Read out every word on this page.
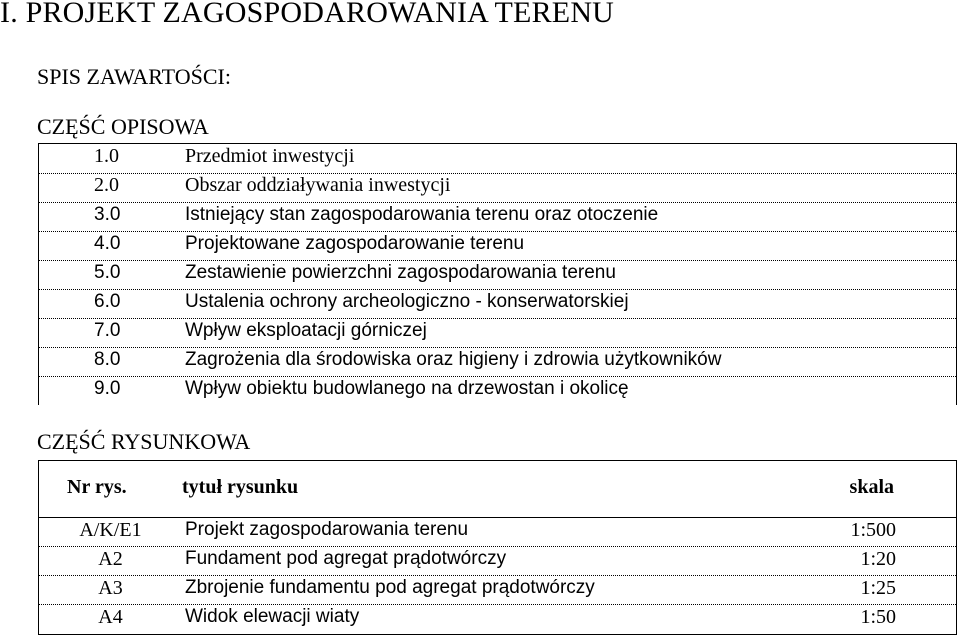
I. PROJEKT ZAGOSPODAROWANIA TERENU
SPIS ZAWARTOŚCI:
CZĘŚĆ OPISOWA
1.0	Przedmiot inwestycji
2.0	Obszar oddziaływania inwestycji
3.0	Istniejący stan zagospodarowania terenu oraz otoczenie
4.0	Projektowane zagospodarowanie terenu
5.0	Zestawienie powierzchni zagospodarowania terenu
6.0	Ustalenia ochrony archeologiczno - konserwatorskiej
7.0	Wpływ eksploatacji górniczej
8.0	Zagrożenia dla środowiska oraz higieny i zdrowia użytkowników
9.0	Wpływ obiektu budowlanego na drzewostan i okolicę
CZĘŚĆ RYSUNKOWA
Nr rys.	tytuł rysunku	skala
A/K/E1	Projekt zagospodarowania terenu	1:500
A2	Fundament pod agregat prądotwórczy	1:20
A3	Zbrojenie fundamentu pod agregat prądotwórczy	1:25
A4	Widok elewacji wiaty	1:50
